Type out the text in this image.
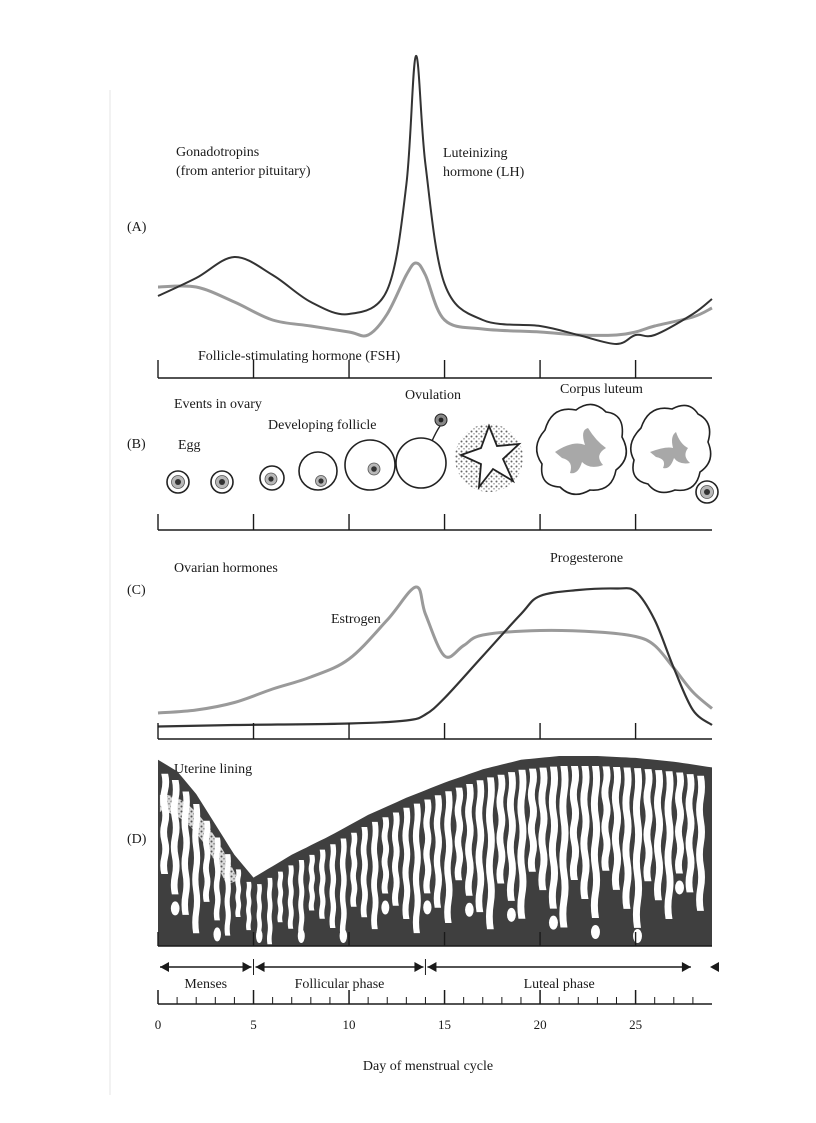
(A)
Gonadotropins (from anterior pituitary)
Luteinizing hormone (LH)
Follicle-stimulating hormone (FSH)
(B)
Events in ovary
Egg
Developing follicle
Ovulation	Corpus luteum
(C)
Ovarian hormones
Estrogen
Progesterone
(D)
Uterine lining
Menses	Follicular phase	Luteal phase
0	5	10	15	20	25
Day of menstrual cycle
